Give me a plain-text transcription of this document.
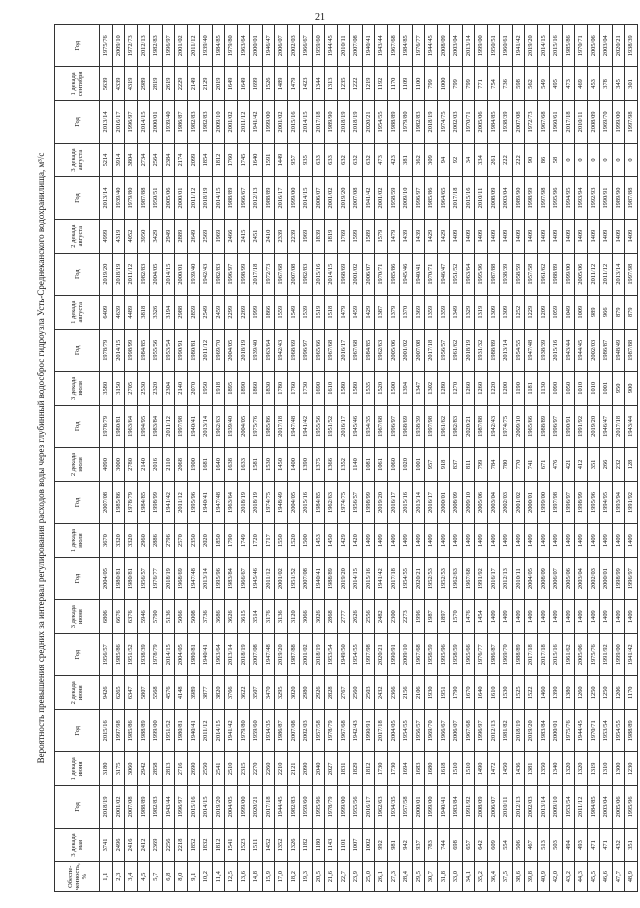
21
Вероятность превышения средних за интервал регулирования расходов воды через глубинный водосброс гидроузла Усть-Среднеканского водохранилища, м³/с
Обеспе-ченность, %	3 декада мая	Год	1 декада июня	Год	2 декада июня	Год	3 декада июня	Год	1 декада июля	Год	2 декада июля	Год	3 декада июля	Год	1 декада августа	Год	2 декада августа	Год	3 декада августа	Год	1 декада сентября	Год
1,1	3741	2018/19	3180	2015/16	9426	1956/57	6806	2004/05	3670	2007/08	4090	1978/79	3580	1978/79	6409	2019/20	4999	2013/14	5214	2013/14	5639	1975/76
2,3	2496	2001/02	3175	1997/98	6265	1985/86	6676	1980/81	3320	1985/86	3000	1980/81	3150	2014/15	4639	2018/19	4319	1939/40	3914	2016/17	4339	2009/10
3,4	2416	2007/08	3060	1985/86	6347	1951/52	6376	1980/81	3320	1978/79	2780	1963/64	2705	1998/99	4489	2011/12	4052	1979/80	3804	1996/97	4319	1972/73
4,5	2412	1988/89	2942	1988/89	5807	1938/39	5946	1956/57	2960	1984/85	2140	1994/95	2530	1984/85	3818	1982/83	3950	1987/88	2734	2014/15	2989	2012/13
5,7	2369	1982/83	2858	1999/00	5568	1978/79	5790	1976/77	2886	1998/99	2016	1983/84	2320	1955/56	3326	2004/05	3429	1950/51	2564	2000/01	2819	1982/83
6,8	2256	1943/44	2813	1951/52	4576	2014/15	5136	2018/19	2796	1941/42	2110	2011/12	2304	1953/54	3194	2014/15	2949	2005/06	2384	1939/40	2619	1996/97
8,0	2218	1996/97	2716	1980/81	4148	2004/05	5066	1968/69	2570	2011/12	2068	1997/98	2140	1990/91	2988	2000/01	2889	2000/01	2174	1986/87	2229	2001/02
9,1	1852	2015/16	2690	1940/41	3989	1980/81	5008	1947/48	2350	1995/96	1900	1940/41	2070	1980/81	2859	1939/40	2649	2011/12	2099	1982/83	2149	2011/12
10,2	1832	2014/15	2550	2011/12	3877	1940/41	3736	2013/14	2020	1940/41	1681	2013/14	1950	2011/12	2549	1942/43	2569	2018/19	1854	1982/83	2129	1939/40
11,4	1812	2019/20	2541	2014/15	3820	1963/64	3686	1995/96	1850	1947/48	1640	1962/63	1918	1969/70	2459	1982/83	1969	2014/15	1812	2009/10	2019	1984/85
12,5	1541	2004/05	2510	1941/42	3766	2013/14	3626	1983/84	1790	1963/64	1638	1939/40	1895	2004/05	2299	1996/97	2466	1988/89	1760	2001/02	1649	1979/80
13,6	1523	1999/00	2315	1979/80	3622	2018/19	3615	1966/67	1749	2018/19	1633	2004/05	1890	2018/19	2269	1998/99	2415	1966/67	1745	2011/12	1649	1963/64
14,8	1511	2020/21	2270	1959/60	3507	2007/08	3514	1945/46	1720	2018/19	1581	1975/76	1860	1939/40	1999	2017/18	2451	2012/13	1640	1941/42	1699	2000/01
15,9	1452	2017/18	2260	1934/35	3470	1947/48	3176	2011/12	1717	1974/75	1530	1985/86	1830	1963/64	1866	1972/73	2410	1988/89	1591	1999/00	1526	1946/47
17,0	1352	1944/45	2210	1986/87	3295	2019/20	3136	2001/02	1550	1948/49	1450	2017/18	1780	1942/43	1559	1967/68	2339	2016/17	1449	2001/02	1489	2006/07
18,2	1326	1982/83	2121	2007/08	3020	1987/88	3120	1951/52	1520	2004/05	1400	1947/48	1760	1968/69	1549	2007/08	2239	1999/00	957	2015/16	1479	2002/03
19,3	1182	1959/60	2090	2002/03	2980	2001/02	3066	2007/08	1500	2015/16	1390	1941/42	1730	1996/97	1539	1982/83	1969	2014/15	935	2014/15	1423	1966/67
20,5	1180	1995/96	2040	1957/58	2926	2018/19	3026	1940/41	1453	1984/85	1375	1955/56	1690	1965/66	1519	2015/16	1839	2006/07	633	2017/18	1344	1959/60
21,6	1143	1978/79	2027	1978/79	2828	1953/54	2868	1988/89	1450	1962/63	1366	1951/52	1610	1967/68	1518	2014/15	1819	2001/02	633	1989/90	1313	1944/45
22,7	1101	1999/00	1831	1967/68	2767	1949/50	2777	2019/20	1429	1974/75	1352	2016/17	1580	2016/17	1479	1968/69	1769	2019/20	632	2018/19	1235	2010/11
23,9	1007	1955/56	1829	1942/43	2560	1954/55	2626	2014/15	1420	1956/57	1140	1945/46	1580	1967/68	1459	2001/02	1599	2007/08	632	2018/19	1222	2007/08
25,0	1002	2016/17	1812	1990/91	2503	1997/98	2556	2015/16	1409	1998/99	1081	1934/35	1535	1984/85	1429	2006/07	1589	1941/42	632	2020/21	1219	1940/41
26,1	992	1962/63	1730	2017/18	2432	2020/21	2482	1941/42	1409	2019/20	1061	1967/68	1520	1962/63	1387	1970/71	1579	2001/02	473	1954/55	1192	1943/44
27,3	981	1934/35	1730	2004/05	2366	1990/91	2300	2017/18	1409	2016/17	1060	1996/97	1500	2005/06	1379	1985/86	1479	1958/59	423	1988/89	1170	1967/68
28,4	942	1957/58	1694	1954/55	2156	2009/10	2273	1954/55	1409	2015/16	1020	1968/69	1394	2001/02	1370	1945/46	1439	2009/10	381	1979/80	1109	1984/85
29,5	937	2000/01	1683	1956/57	2106	1967/68	1996	2020/21	1409	2013/14	1001	1938/39	1347	2007/08	1369	1940/41	1439	1996/97	362	1982/83	1100	1976/77
30,7	783	1999/00	1680	1969/70	1930	1958/59	1987	1952/53	1409	2016/17	957	1997/98	1302	2017/18	1359	1970/71	1429	1985/86	309	2018/19	799	1944/45
31,8	744	1940/41	1618	1966/67	1951	1995/96	1897	1952/53	1409	2000/01	918	1961/62	1280	1956/57	1359	1946/47	1429	1964/65	94	1974/75	1000	2008/09
33,0	698	1983/84	1510	2006/07	1790	1958/59	1570	1962/63	1409	2008/09	837	1982/83	1270	1961/62	1349	1951/52	1409	2017/18	92	2002/03	799	2003/04
34,1	657	1991/92	1510	1967/68	1670	1965/66	1476	1967/68	1409	2009/10	811	2020/21	1260	2018/19	1329	1963/64	1409	2015/16	34	1970/71	799	2013/14
35,2	642	2008/09	1490	1996/97	1640	1976/77	1454	1991/92	1409	2005/06	799	1987/88	1260	1931/32	1319	1995/96	1409	2010/11	334	2005/06	771	1999/00
36,4	609	2006/07	1472	2012/13	1610	1986/87	1409	2016/17	1409	2003/04	784	1942/43	1220	1988/89	1309	1987/88	1409	2008/09	261	1984/85	754	1950/51
37,5	554	2010/11	1450	1981/82	1530	1969/70	1409	2012/13	1409	2002/03	780	1974/75	1200	2013/14	1309	1938/39	1409	2003/04	222	1938/39	736	1960/61
38,6	506	2012/13	1436	2018/19	1525	1988/89	1409	2010/11	1409	2001/02	770	2009/10	1190	1954/55	1252	1958/59	1409	1989/90	222	2007/08	598	1941/42
39,8	467	2002/03	1381	2019/20	1522	2017/18	1409	2004/05	1409	2000/01	741	1965/66	1181	1947/48	1229	1957/58	1409	1998/99	90	1972/73	562	2019/20
40,9	513	2013/14	1350	1983/84	1460	2017/18	1409	2008/09	1409	1999/00	671	1988/89	1130	1938/39	1209	1961/62	1409	1997/98	86	1967/68	549	2014/15
42,0	503	2009/10	1340	2000/01	1390	2015/16	1409	2006/07	1409	1997/98	476	1996/97	1090	2015/16	1059	1988/89	1409	1995/96	58	1960/61	495	2015/16
43,2	494	1953/54	1320	1975/76	1380	1961/62	1409	2005/06	1409	1996/97	421	1990/91	1050	1943/44	1049	1999/00	1409	1994/95	0	2017/18	473	1985/86
44,3	493	2011/12	1320	1944/45	1260	2005/06	1409	2003/04	1409	1998/99	412	1991/92	1010	1944/45	1009	2005/06	1409	1993/94	0	2010/11	469	1970/71
45,5	471	1984/85	1319	1970/71	1250	1975/76	1409	2002/03	1409	1995/96	351	2019/20	1010	2002/03	989	2011/12	1409	1992/93	0	2008/09	453	2005/06
46,6	471	2003/04	1310	1953/54	1250	1991/92	1409	2000/01	1409	1994/95	266	1946/47	1001	1986/87	966	2011/12	1409	1990/91	0	1969/70	378	2003/04
47,7	432	2005/06	1300	1954/55	1206	1999/00	1409	1998/99	1409	1993/94	232	2017/18	950	1948/49	879	2013/14	1409	1989/90	0	1999/00	345	2020/21
48,9	351	1995/96	1230	1988/89	1170	1941/42	1409	1996/97	1409	1991/92	128	1943/44	900	1987/88	879	1997/98	1409	1987/88	0	1997/98	301	1938/39
